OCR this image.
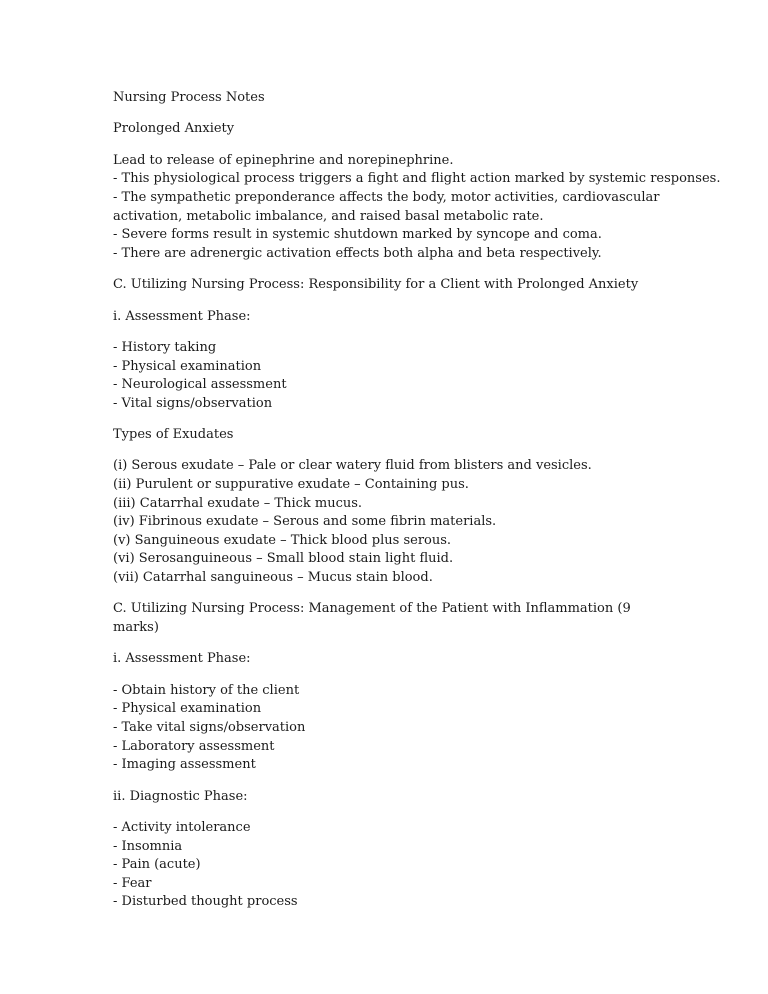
Nursing Process Notes

Prolonged Anxiety

Lead to release of epinephrine and norepinephrine.
- This physiological process triggers a fight and flight action marked by systemic responses.
- The sympathetic preponderance affects the body, motor activities, cardiovascular activation, metabolic imbalance, and raised basal metabolic rate.
- Severe forms result in systemic shutdown marked by syncope and coma.
- There are adrenergic activation effects both alpha and beta respectively.

C. Utilizing Nursing Process: Responsibility for a Client with Prolonged Anxiety

i. Assessment Phase:

- History taking
- Physical examination
- Neurological assessment
- Vital signs/observation

Types of Exudates

(i) Serous exudate – Pale or clear watery fluid from blisters and vesicles.
(ii) Purulent or suppurative exudate – Containing pus.
(iii) Catarrhal exudate – Thick mucus.
(iv) Fibrinous exudate – Serous and some fibrin materials.
(v) Sanguineous exudate – Thick blood plus serous.
(vi) Serosanguineous – Small blood stain light fluid.
(vii) Catarrhal sanguineous – Mucus stain blood.

C. Utilizing Nursing Process: Management of the Patient with Inflammation (9 marks)

i. Assessment Phase:

- Obtain history of the client
- Physical examination
- Take vital signs/observation
- Laboratory assessment
- Imaging assessment

ii. Diagnostic Phase:

- Activity intolerance
- Insomnia
- Pain (acute)
- Fear
- Disturbed thought process
